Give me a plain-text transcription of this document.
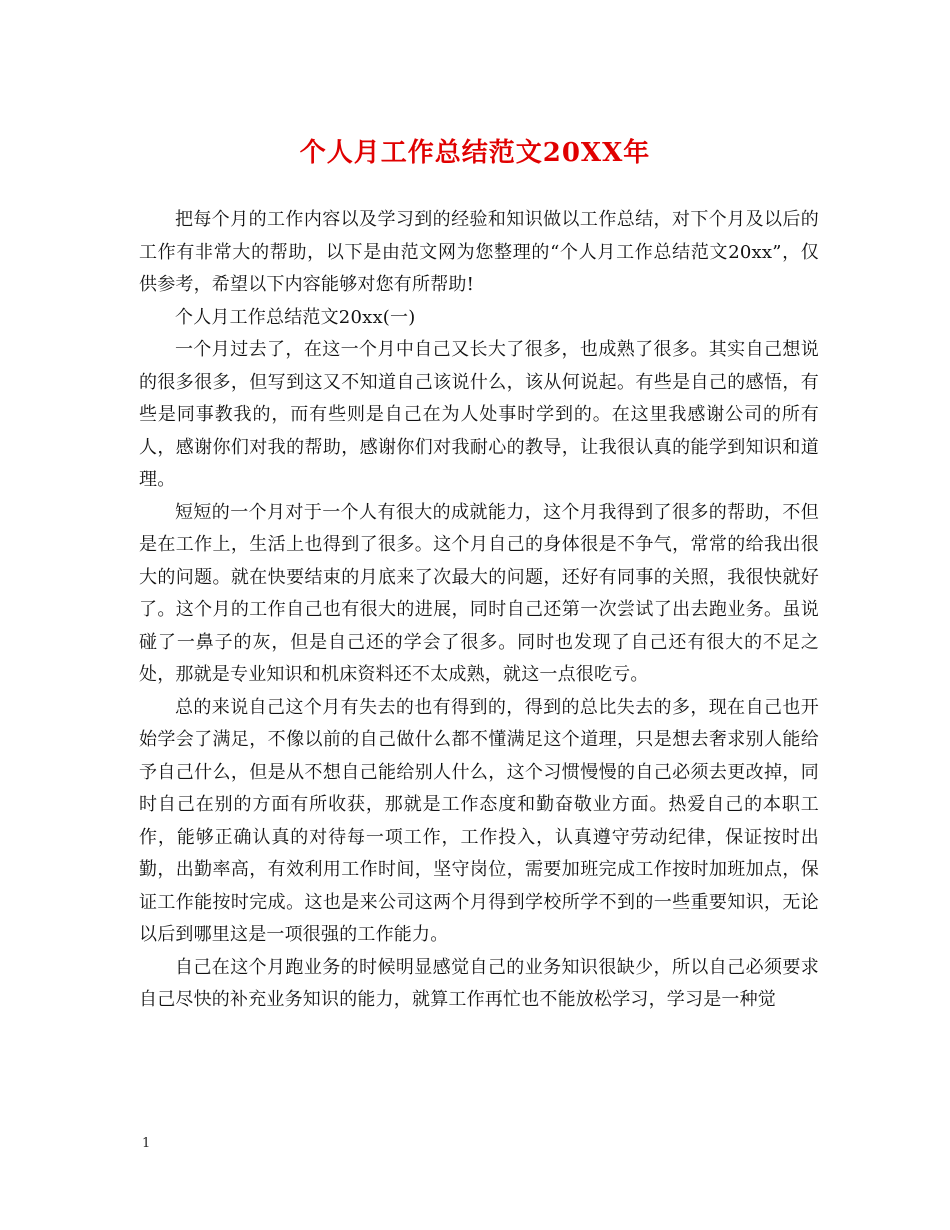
个人月工作总结范文20XX年

把每个月的工作内容以及学习到的经验和知识做以工作总结，对下个月及以后的工作有非常大的帮助，以下是由范文网为您整理的“个人月工作总结范文20xx”，仅供参考，希望以下内容能够对您有所帮助!

个人月工作总结范文20xx(一)

一个月过去了，在这一个月中自己又长大了很多，也成熟了很多。其实自己想说的很多很多，但写到这又不知道自己该说什么，该从何说起。有些是自己的感悟，有些是同事教我的，而有些则是自己在为人处事时学到的。在这里我感谢公司的所有人，感谢你们对我的帮助，感谢你们对我耐心的教导，让我很认真的能学到知识和道理。

短短的一个月对于一个人有很大的成就能力，这个月我得到了很多的帮助，不但是在工作上，生活上也得到了很多。这个月自己的身体很是不争气，常常的给我出很大的问题。就在快要结束的月底来了次最大的问题，还好有同事的关照，我很快就好了。这个月的工作自己也有很大的进展，同时自己还第一次尝试了出去跑业务。虽说碰了一鼻子的灰，但是自己还的学会了很多。同时也发现了自己还有很大的不足之处，那就是专业知识和机床资料还不太成熟，就这一点很吃亏。

总的来说自己这个月有失去的也有得到的，得到的总比失去的多，现在自己也开始学会了满足，不像以前的自己做什么都不懂满足这个道理，只是想去奢求别人能给予自己什么，但是从不想自己能给别人什么，这个习惯慢慢的自己必须去更改掉，同时自己在别的方面有所收获，那就是工作态度和勤奋敬业方面。热爱自己的本职工作，能够正确认真的对待每一项工作，工作投入，认真遵守劳动纪律，保证按时出勤，出勤率高，有效利用工作时间，坚守岗位，需要加班完成工作按时加班加点，保证工作能按时完成。这也是来公司这两个月得到学校所学不到的一些重要知识，无论以后到哪里这是一项很强的工作能力。

自己在这个月跑业务的时候明显感觉自己的业务知识很缺少，所以自己必须要求自己尽快的补充业务知识的能力，就算工作再忙也不能放松学习，学习是一种觉

1
